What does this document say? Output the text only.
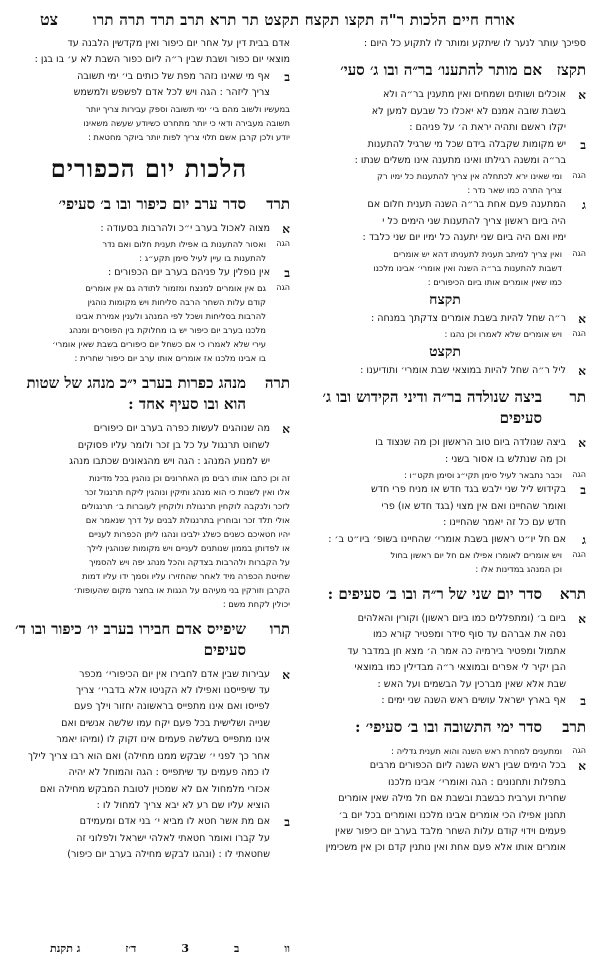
אורח חיים הלכות ר"ה תקצו תקצח תקצט תר תרא תרב תרד תרה תרו
צט
ספיכך עותר לנער לו שיתקע ומותר לו לתקוע כל היום :
תקצז
אם מותר להתענו׳ בר״ה ובו ג׳ סעי׳
א
אוכלים ושותים ושמחים ואין מתענין בר״ה ולא
בשבת שובה אמנם לא יאכלו כל שבעם למען לא
יקלו ראשם ותהיה יראת ה׳ על פניהם :
ב
יש מקומות שקבלה בידם שכל מי שרגיל להתענות
בר״ה ומשנה רגילתו ואינו מתענה אינו משלים שנתו :
הגה
ומי שאינו ירא לכתחלה אין צריך להתענות כל ימיו רק
צריך התרה כמו שאר נדר :
ג
המתענה פעם אחת בר״ה השנה תענית חלום אם
היה ביום ראשון צריך להתענות שני הימים כל י
ימיו ואם היה ביום שני יתענה כל ימיו יום שני כלבד :
הגה
ואין צריך למיתב תענית לתעניתו דהא יש אומרים
דשבות להתענות בר״ה השנה ואין אומרי׳ אבינו מלכנו
כמו שאין אומרים אותו ביום הכיפורים :
תקצח
א
ר״ה שחל להיות בשבת אומרים צדקתך במנחה :
הגה
ויש אומרים שלא לאמרו וכן נהגו :
תקצט
א
ליל ר״ה שחל להיות במוצאי שבת אומרי׳ ותודיענו :
תר
ביצה שנולדה בר״ה ודיני הקידוש ובו ג׳ סעיפים
א
ביצה שנולדה ביום טוב הראשון וכן מה שנצוד בו
וכן מה שנתלש בו אסור בשני :
הגה
וכבר נתבאר לעיל סימן תקי״ג וסימן תקט״ו :
ב
בקידוש ליל שני ילבש בגד חדש או מניח פרי חדש
ואומר שהחיינו ואם אין מצוי (בגד חדש או) פרי
חדש עם כל זה יאמר שהחיינו :
ג
אם חל יו״ט ראשון בשבת אומרי׳ שהחיינו בשופ׳ ביו״ט ב׳ :
הגה
ויש אומרים לאומרו אפילו אם חל יום ראשון בחול
וכן המנהג במדינות אלו :
תרא
סדר יום שני של ר״ה ובו ב׳ סעיפים :
א
ביום ב׳ (ומתפללים כמו ביום ראשון) וקורין והאלהים
נסה את אברהם עד סוף סידר ומפטיר קורא כמו
אתמול ומפטיר בירמיה כה אמר ה׳ מצא חן במדבר עד
הבן יקיר לי אפרים ובמוצאי ר״ה מבדילין כמו במוצאי
שבת אלא שאין מברכין על הבשמים ועל האש :
ב
אף בארץ ישראל עושים ראש השנה שני ימים :
תרב
סדר ימי התשובה ובו ב׳ סעיפי׳ :
הגה
ומתענים למחרת ראש השנה והוא תענית גדליה :
א
בכל הימים שבין ראש השנה ליום הכפורים מרבים
בתפלות ותחנונים : הגה ואומרי׳ אבינו מלכנו
שחרית וערבית כבשבת ובשבת אם חל מילה שאין אומרים
תחנון אפילו הכי אומרים אבינו מלכנו ואומרים בכל יום ב׳
פעמים וידוי קודם עלות השחר מלבד בערב יום כיפור שאין
אומרים אותו אלא פעם אחת ואין נותנין קדם וכן אין משכימין
אדם בבית דין על אחר יום כיפור ואין מקדשין הלבנה עד
מוצאי יום כפור ושבת שבין ר״ה ליום כפור השבת לא ע׳ בו בגן :
ב
אף מי שאינו נזהר מפת של כותים בי׳ ימי תשובה
צריך ליזהר : הגה ויש לכל אדם לפשפש ולמשמש
במעשיו ולשוב מהם בי׳ ימי תשובה וספק עבירות צריך יותר
תשובה מעבירה ודאי כי יותר מתחרט כשיודע שעשה משאינו
יודע ולכן קרבן אשם תלוי צריך לפות יותר ביוקר מחטאת :
הלכות יום הכפורים
תרד
סדר ערב יום כיפור ובו ב׳ סעיפי׳
א
מצוה לאכול בערב י״כ ולהרבות בסעודה :
הגה
ואסור להתענות בו אפילו תענית חלום ואם נדר
להתענות בו עיין לעיל סימן תקע״ג :
ב
אין נופלין על פניהם בערב יום הכפורים :
הגה
גם אין אומרים למנצח ומזמור לתודה גם אין אומרים
קודם עלות השחר הרבה סליחות ויש מקומות נוהגין
להרבות בסליחות ושכל לפי המנהג ולענין אמירת אבינו
מלכנו בערב יום כיפור יש בו מחלוקת בין הפוסרים ומנהג
עירי שלא לאמרו כי אם כשחל יום כיפורים בשבת שאין אומרי׳
בו אבינו מלכנו אז אומרים אותו ערב יום כיפור שחרית :
תרה
מנהג כפרות בערב י״כ מנהג של שטות הוא ובו סעיף אחד :
א
מה שנוהגים לעשות כפרה בערב יום כיפורים
לשחוט תרנגול על כל בן זכר ולומר עליו פסוקים
יש למנוע המנהג : הגה ויש מהגאונים שכתבו מנהג
זה וכן כתבו אותו רבים מן האחרונים וכן נוהגין בכל מדינות
אלו ואין לשנות כי הוא מנהג ותיקין ונוהגין ליקח תרנגול זכר
לזכר ולנקבה לוקחין תרנגולת ולוקחין לעוברות ב׳ תרנגולים
אולי תלד זכר ובוחרין בתרנגולת לבנים על דרך שנאמר אם
יהיו חטאיכם כשנים כשלג ילבינו ונהגו ליתן הכפרות לעניים
או לפדותן בממון שנותנים לעניים ויש מקומות שנוהגין לילך
על הקברות ולהרבות בצדקה והכל מנהג יפה ויש להסמיך
שחיטת הכפרה מיד לאחר שהחזירו עליו וסמך ידו עליו דמות
הקרבן וזורקין בני מעיהם על הגגות או בחצר מקום שהעופות׳
יכולין לקחת משם :
תרו
שיפייס אדם חבירו בערב יו׳ כיפור ובו ד׳ סעיפים
א
עבירות שבין אדם לחבירו אין יום הכיפורי׳ מכפר
עד שיפייסנו ואפילו לא הקניטו אלא בדברי׳ צריך
לפייסו ואם אינו מתפייס בראשונה יחזור וילך פעם
שנייה ושלישית בכל פעם יקח עמו שלשה אנשים ואם
אינו מתפייס בשלשה פעמים אינו זקוק לו (ומיהו יאמר
אחר כך לפני י׳ שבקש ממנו מחילה) ואם הוא רבו צריך לילך
לו כמה פעמים עד שיתפייס : הגה והמוחל לא יהיה
אכזרי מלמחול אם לא שמכוין לטובת המבקש מחילה ואם
הוציא עליו שם רע לא יבא צריך למחול לו :
ב
אם מת אשר חטא לו מביא י׳ בני אדם ומעמידם
על קברו ואומר חטאתי לאלהי ישראל ולפלוני זה
שחטאתי לו : (ונהגו לבקש מחילה בערב יום כיפור)
וו
ב
3
ד׳ז
ג תקנת
